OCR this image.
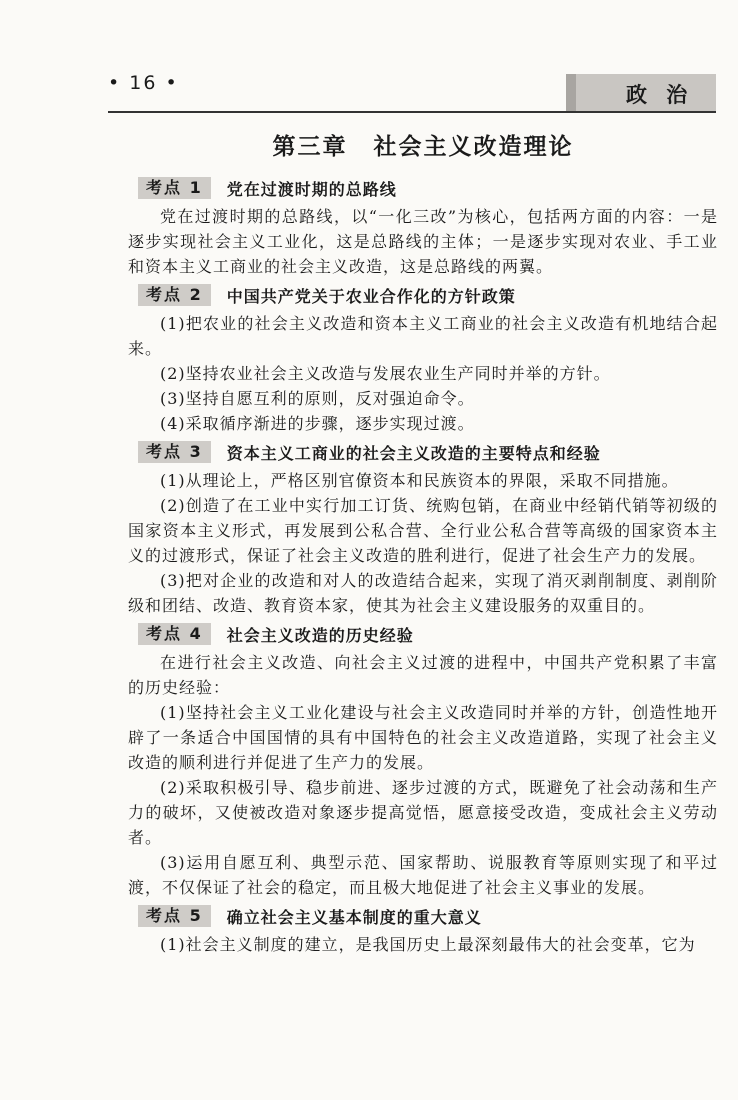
• 16 •	政 治
第三章 社会主义改造理论
考点 1	党在过渡时期的总路线

党在过渡时期的总路线，以“一化三改”为核心，包括两方面的内容：一是逐步实现社会主义工业化，这是总路线的主体；一是逐步实现对农业、手工业和资本主义工商业的社会主义改造，这是总路线的两翼。

考点 2	中国共产党关于农业合作化的方针政策

(1)把农业的社会主义改造和资本主义工商业的社会主义改造有机地结合起来。

(2)坚持农业社会主义改造与发展农业生产同时并举的方针。

(3)坚持自愿互利的原则，反对强迫命令。

(4)采取循序渐进的步骤，逐步实现过渡。

考点 3	资本主义工商业的社会主义改造的主要特点和经验

(1)从理论上，严格区别官僚资本和民族资本的界限，采取不同措施。

(2)创造了在工业中实行加工订货、统购包销，在商业中经销代销等初级的国家资本主义形式，再发展到公私合营、全行业公私合营等高级的国家资本主义的过渡形式，保证了社会主义改造的胜利进行，促进了社会生产力的发展。

(3)把对企业的改造和对人的改造结合起来，实现了消灭剥削制度、剥削阶级和团结、改造、教育资本家，使其为社会主义建设服务的双重目的。

考点 4	社会主义改造的历史经验

在进行社会主义改造、向社会主义过渡的进程中，中国共产党积累了丰富的历史经验：

(1)坚持社会主义工业化建设与社会主义改造同时并举的方针，创造性地开辟了一条适合中国国情的具有中国特色的社会主义改造道路，实现了社会主义改造的顺利进行并促进了生产力的发展。

(2)采取积极引导、稳步前进、逐步过渡的方式，既避免了社会动荡和生产力的破坏，又使被改造对象逐步提高觉悟，愿意接受改造，变成社会主义劳动者。

(3)运用自愿互利、典型示范、国家帮助、说服教育等原则实现了和平过渡，不仅保证了社会的稳定，而且极大地促进了社会主义事业的发展。

考点 5	确立社会主义基本制度的重大意义

(1)社会主义制度的建立，是我国历史上最深刻最伟大的社会变革，它为
